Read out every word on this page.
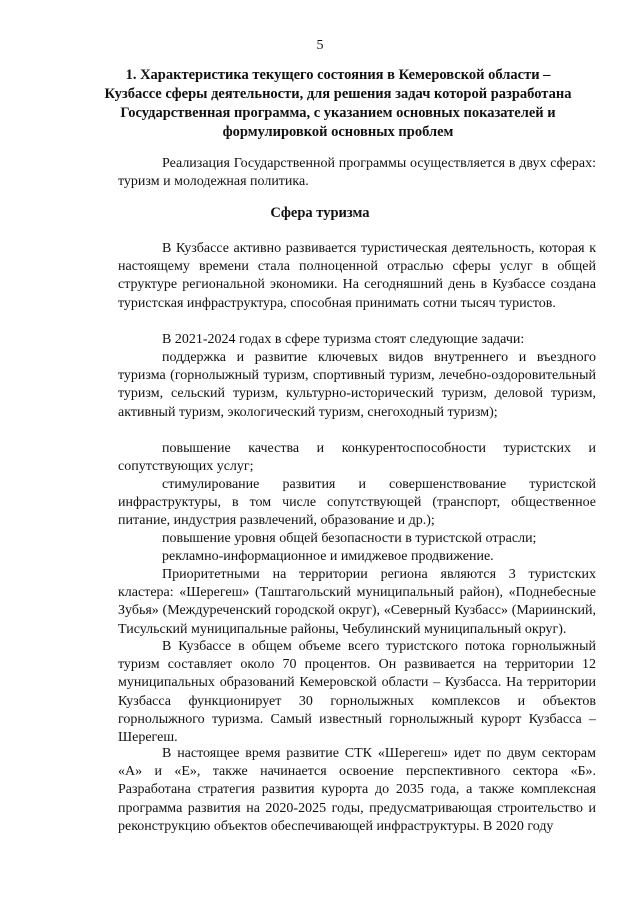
5
1. Характеристика текущего состояния в Кемеровской области – Кузбассе сферы деятельности, для решения задач которой разработана Государственная программа, с указанием основных показателей и формулировкой основных проблем

Реализация Государственной программы осуществляется в двух сферах: туризм и молодежная политика.

Сфера туризма

В Кузбассе активно развивается туристическая деятельность, которая к настоящему времени стала полноценной отраслью сферы услуг в общей структуре региональной экономики. На сегодняшний день в Кузбассе создана туристская инфраструктура, способная принимать сотни тысяч туристов.

В 2021-2024 годах в сфере туризма стоят следующие задачи:

поддержка и развитие ключевых видов внутреннего и въездного туризма (горнолыжный туризм, спортивный туризм, лечебно-оздоровительный туризм, сельский туризм, культурно-исторический туризм, деловой туризм, активный туризм, экологический туризм, снегоходный туризм);

повышение качества и конкурентоспособности туристских и сопутствующих услуг;

стимулирование развития и совершенствование туристской инфраструктуры, в том числе сопутствующей (транспорт, общественное питание, индустрия развлечений, образование и др.);

повышение уровня общей безопасности в туристской отрасли;

рекламно-информационное и имиджевое продвижение.

Приоритетными на территории региона являются 3 туристских кластера: «Шерегеш» (Таштагольский муниципальный район), «Поднебесные Зубья» (Междуреченский городской округ), «Северный Кузбасс» (Мариинский, Тисульский муниципальные районы, Чебулинский муниципальный округ).

В Кузбассе в общем объеме всего туристского потока горнолыжный туризм составляет около 70 процентов. Он развивается на территории 12 муниципальных образований Кемеровской области – Кузбасса. На территории Кузбасса функционирует 30 горнолыжных комплексов и объектов горнолыжного туризма. Самый известный горнолыжный курорт Кузбасса – Шерегеш.

В настоящее время развитие СТК «Шерегеш» идет по двум секторам «А» и «Е», также начинается освоение перспективного сектора «Б». Разработана стратегия развития курорта до 2035 года, а также комплексная программа развития на 2020-2025 годы, предусматривающая строительство и реконструкцию объектов обеспечивающей инфраструктуры. В 2020 году
